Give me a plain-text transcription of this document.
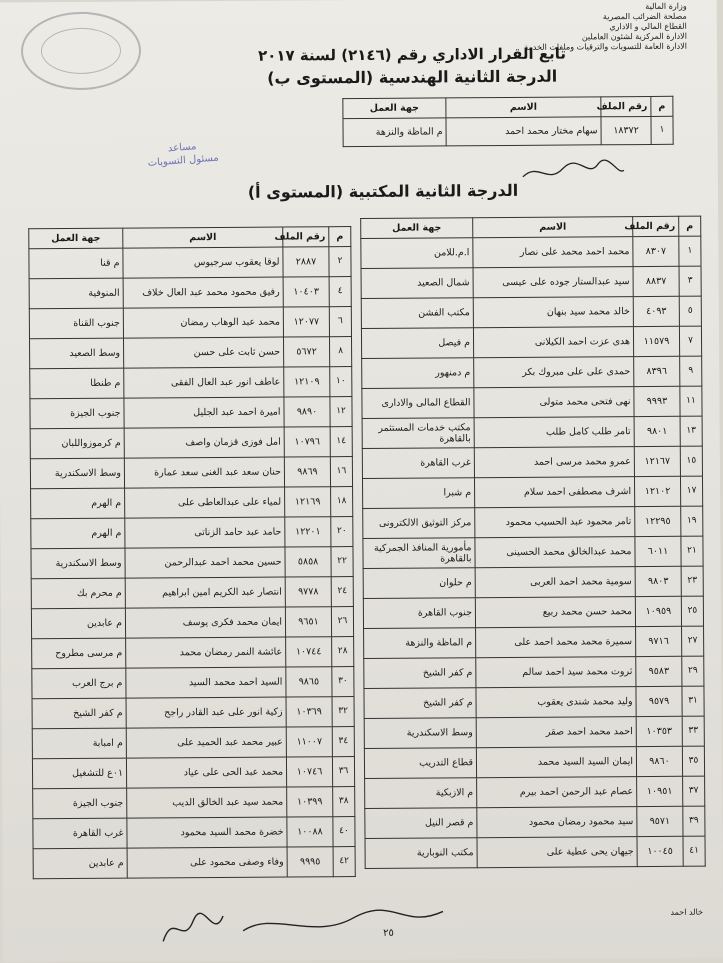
وزارة المالية
مصلحة الضرائب المصرية
القطاع المالي و الاداري
الادارة المركزية لشئون العاملين
الادارة العامة للتسويات والترقيات وملفات الخدمة
تابع القرار الاداري رقم (٢١٤٦) لسنة ٢٠١٧
الدرجة الثانية الهندسية (المستوى ب)
م	رقم الملف	الاسم	جهة العمل
١	١٨٣٧٢	سهام مختار محمد احمد	م الماظة والنزهة
مساعد
مسئول التسويات
الدرجة الثانية المكتبية (المستوى أ)
م	رقم الملف	الاسم	جهة العمل
١	٨٣٠٧	محمد احمد محمد على نصار	ا.م.للامن
٣	٨٨٣٧	سيد عبدالستار جوده على عيسى	شمال الصعيد
٥	٤٠٩٣	خالد محمد سيد بنهان	مكتب الفشن
٧	١١٥٧٩	هدى عزت احمد الكيلانى	م فيصل
٩	٨٣٩٦	حمدى على على مبروك بكر	م دمنهور
١١	٩٩٩٣	نهى فتحى محمد متولى	القطاع المالى والادارى
١٣	٩٨٠١	تامر طلب كامل طلب	مكتب خدمات المستثمر بالقاهرة
١٥	١٢١٦٧	عمرو محمد مرسى احمد	غرب القاهرة
١٧	١٢١٠٢	اشرف مصطفى احمد سلام	م شبرا
١٩	١٢٢٩٥	تامر محمود عبد الحسيب محمود	مركز التوثيق الالكترونى
٢١	٦٠١١	محمد عبدالخالق محمد الحسينى	مأمورية المنافذ الجمركية بالقاهرة
٢٣	٩٨٠٣	سومية محمد احمد العربى	م حلوان
٢٥	١٠٩٥٩	محمد حسن محمد ربيع	جنوب القاهرة
٢٧	٩٧١٦	سميرة محمد محمد احمد على	م الماظة والنزهة
٢٩	٩٥٨٣	ثروت محمد سيد احمد سالم	م كفر الشيخ
٣١	٩٥٧٩	وليد محمد شندى يعقوب	م كفر الشيخ
٣٣	١٠٣٥٣	احمد محمد احمد صقر	وسط الاسكندرية
٣٥	٩٨٦٠	ايمان السيد السيد محمد	قطاع التدريب
٣٧	١٠٩٥١	عصام عبد الرحمن احمد بيرم	م الازبكية
٣٩	٩٥٧١	سيد محمود رمضان محمود	م قصر النيل
٤١	١٠٠٤٥	جيهان يحى عطية على	مكتب النوبارية
م	رقم الملف	الاسم	جهة العمل
٢	٢٨٨٧	لوقا يعقوب سرجيوس	م قنا
٤	١٠٤٠٣	رفيق محمود محمد عبد العال خلاف	المنوفية
٦	١٢٠٧٧	محمد عبد الوهاب رمضان	جنوب القناة
٨	٥٦٧٢	حسن ثابت على حسن	وسط الصعيد
١٠	١٢١٠٩	عاطف انور عبد العال الفقى	م طنطا
١٢	٩٨٩٠	اميرة احمد عبد الجليل	جنوب الجيزة
١٤	١٠٧٩٦	امل فوزى قزمان واصف	م كرموزواللبان
١٦	٩٨٦٩	حنان سعد عبد الغنى سعد عمارة	وسط الاسكندرية
١٨	١٢١٦٩	لمياء على عبدالعاطى على	م الهرم
٢٠	١٢٢٠١	حامد عبد حامد الزناتى	م الهرم
٢٢	٥٨٥٨	حسين محمد احمد عبدالرحمن	وسط الاسكندرية
٢٤	٩٧٧٨	انتصار عبد الكريم امين ابراهيم	م محرم بك
٢٦	٩٦٥١	ايمان محمد فكرى يوسف	م عابدين
٢٨	١٠٧٤٤	عائشة النمر رمضان محمد	م مرسى مطروح
٣٠	٩٨٦٥	السيد احمد محمد السيد	م برج العرب
٣٢	١٠٣٦٩	زكية انور على عبد القادر راجح	م كفر الشيخ
٣٤	١١٠٠٧	عبير محمد عبد الحميد على	م امبابة
٣٦	١٠٧٤٦	محمد عبد الحى على عياد	٠١ع للتشغيل
٣٨	١٠٣٩٩	محمد سيد عبد الخالق الديب	جنوب الجيزة
٤٠	١٠٠٨٨	خضرة محمد السيد محمود	غرب القاهرة
٤٢	٩٩٩٥	وفاء وصفى محمود على	م عابدين
٢٥
خالد احمد
